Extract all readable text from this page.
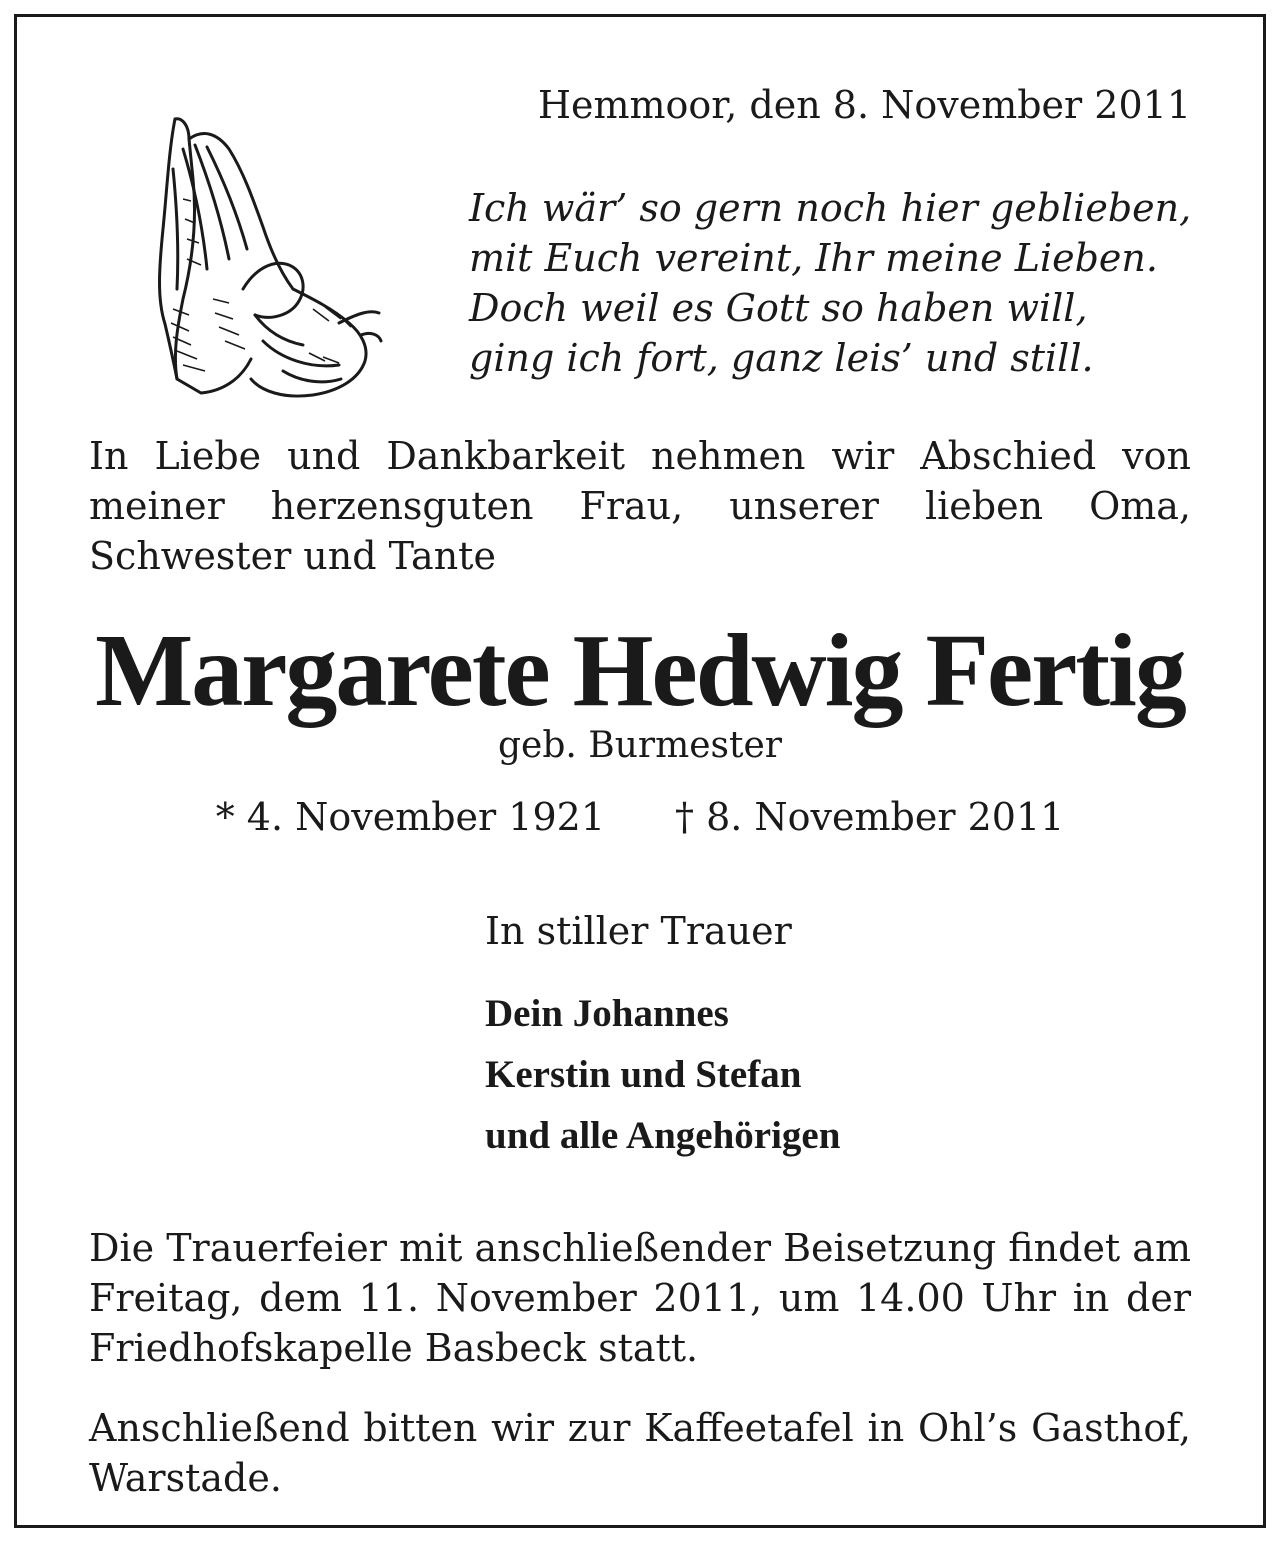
Hemmoor, den 8. November 2011
Ich wär’ so gern noch hier geblieben,
mit Euch vereint, Ihr meine Lieben.
Doch weil es Gott so haben will,
ging ich fort, ganz leis’ und still.
In Liebe und Dankbarkeit nehmen wir Abschied von meiner herzensguten Frau, unserer lieben Oma, Schwester und Tante
Margarete Hedwig Fertig
geb. Burmester
* 4. November 1921 † 8. November 2011
In stiller Trauer
Dein Johannes
Kerstin und Stefan
und alle Angehörigen
Die Trauerfeier mit anschließender Beisetzung findet am Freitag, dem 11. November 2011, um 14.00 Uhr in der Friedhofskapelle Basbeck statt.
Anschließend bitten wir zur Kaffeetafel in Ohl’s Gasthof, Warstade.
